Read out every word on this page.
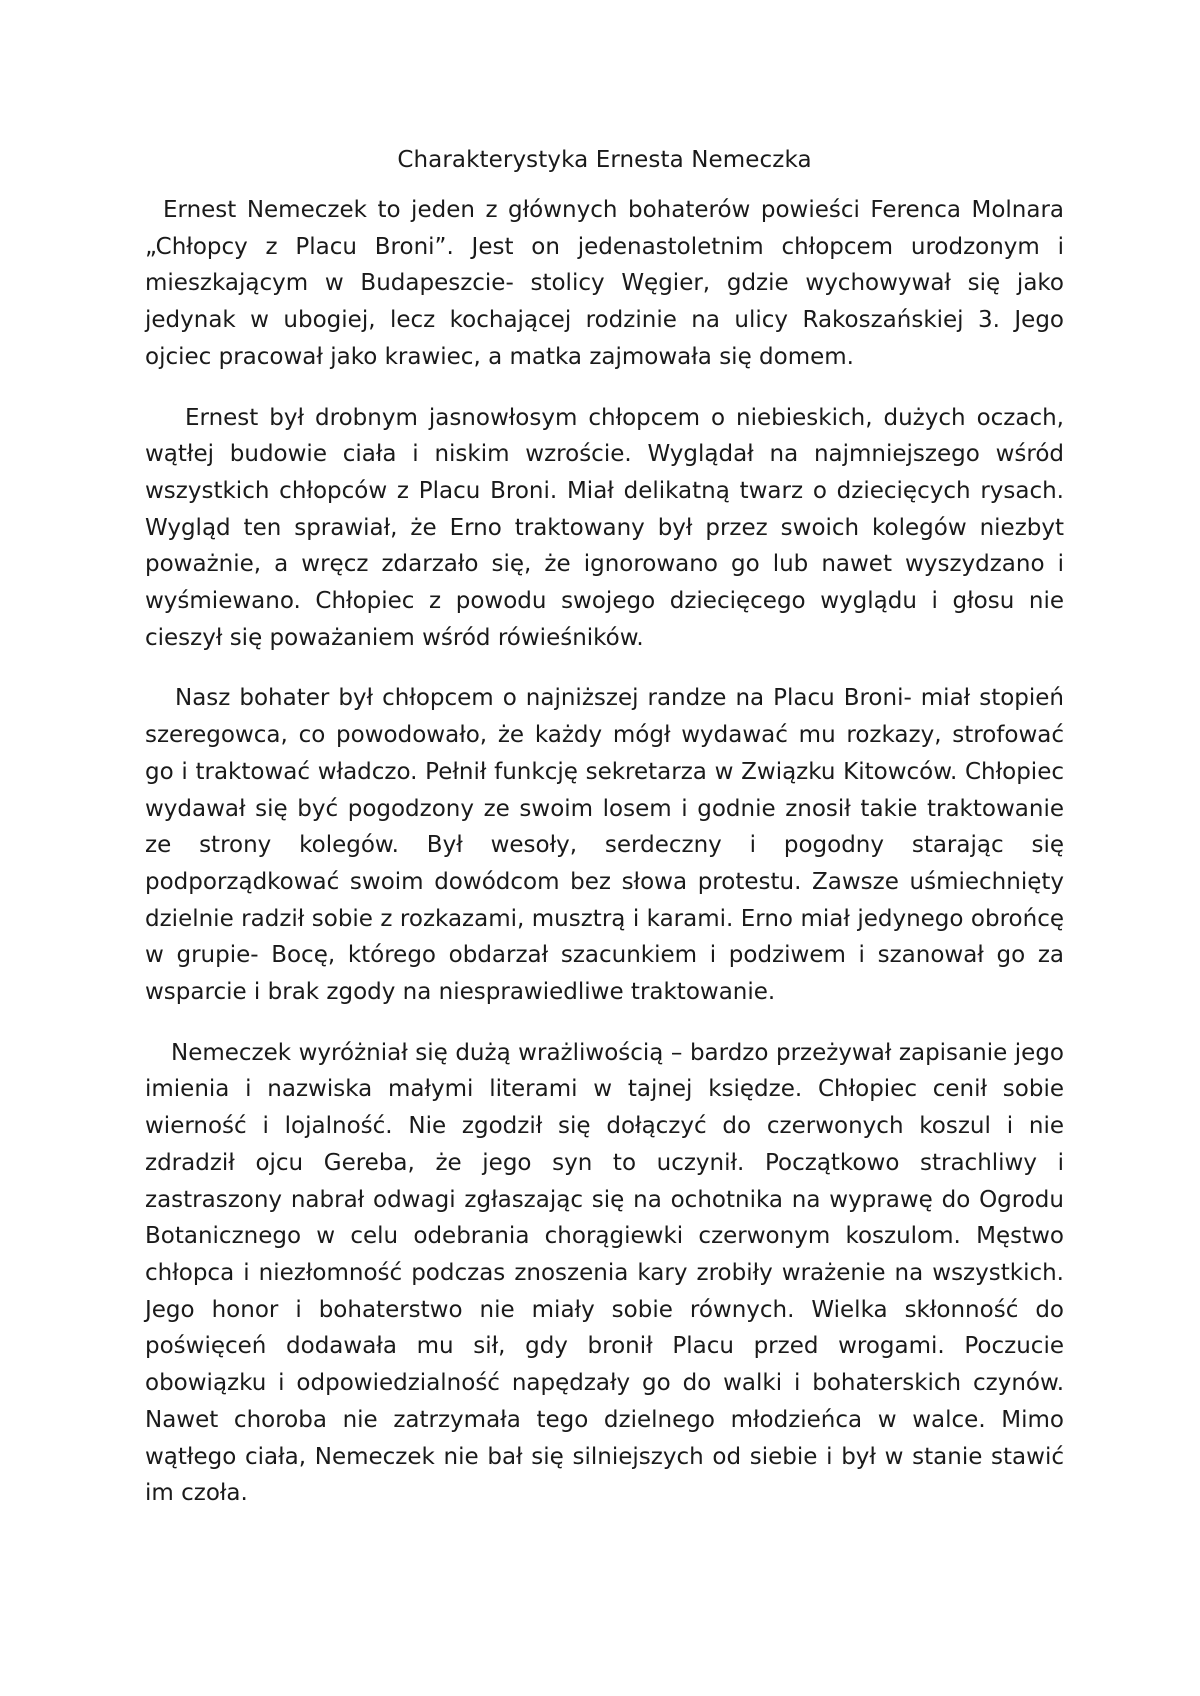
Charakterystyka Ernesta Nemeczka

Ernest Nemeczek to jeden z głównych bohaterów powieści Ferenca Molnara „Chłopcy z Placu Broni”. Jest on jedenastoletnim chłopcem urodzonym i mieszkającym w Budapeszcie- stolicy Węgier, gdzie wychowywał się jako jedynak w ubogiej, lecz kochającej rodzinie na ulicy Rakoszańskiej 3. Jego ojciec pracował jako krawiec, a matka zajmowała się domem.

Ernest był drobnym jasnowłosym chłopcem o niebieskich, dużych oczach, wątłej budowie ciała i niskim wzroście. Wyglądał na najmniejszego wśród wszystkich chłopców z Placu Broni. Miał delikatną twarz o dziecięcych rysach. Wygląd ten sprawiał, że Erno traktowany był przez swoich kolegów niezbyt poważnie, a wręcz zdarzało się, że ignorowano go lub nawet wyszydzano i wyśmiewano. Chłopiec z powodu swojego dziecięcego wyglądu i głosu nie cieszył się poważaniem wśród rówieśników.

Nasz bohater był chłopcem o najniższej randze na Placu Broni- miał stopień szeregowca, co powodowało, że każdy mógł wydawać mu rozkazy, strofować go i traktować władczo. Pełnił funkcję sekretarza w Związku Kitowców. Chłopiec wydawał się być pogodzony ze swoim losem i godnie znosił takie traktowanie ze strony kolegów. Był wesoły, serdeczny i pogodny starając się podporządkować swoim dowódcom bez słowa protestu. Zawsze uśmiechnięty dzielnie radził sobie z rozkazami, musztrą i karami. Erno miał jedynego obrońcę w grupie- Bocę, którego obdarzał szacunkiem i podziwem i szanował go za wsparcie i brak zgody na niesprawiedliwe traktowanie.

Nemeczek wyróżniał się dużą wrażliwością – bardzo przeżywał zapisanie jego imienia i nazwiska małymi literami w tajnej księdze. Chłopiec cenił sobie wierność i lojalność. Nie zgodził się dołączyć do czerwonych koszul i nie zdradził ojcu Gereba, że jego syn to uczynił. Początkowo strachliwy i zastraszony nabrał odwagi zgłaszając się na ochotnika na wyprawę do Ogrodu Botanicznego w celu odebrania chorągiewki czerwonym koszulom. Męstwo chłopca i niezłomność podczas znoszenia kary zrobiły wrażenie na wszystkich. Jego honor i bohaterstwo nie miały sobie równych. Wielka skłonność do poświęceń dodawała mu sił, gdy bronił Placu przed wrogami. Poczucie obowiązku i odpowiedzialność napędzały go do walki i bohaterskich czynów. Nawet choroba nie zatrzymała tego dzielnego młodzieńca w walce. Mimo wątłego ciała, Nemeczek nie bał się silniejszych od siebie i był w stanie stawić im czoła.
